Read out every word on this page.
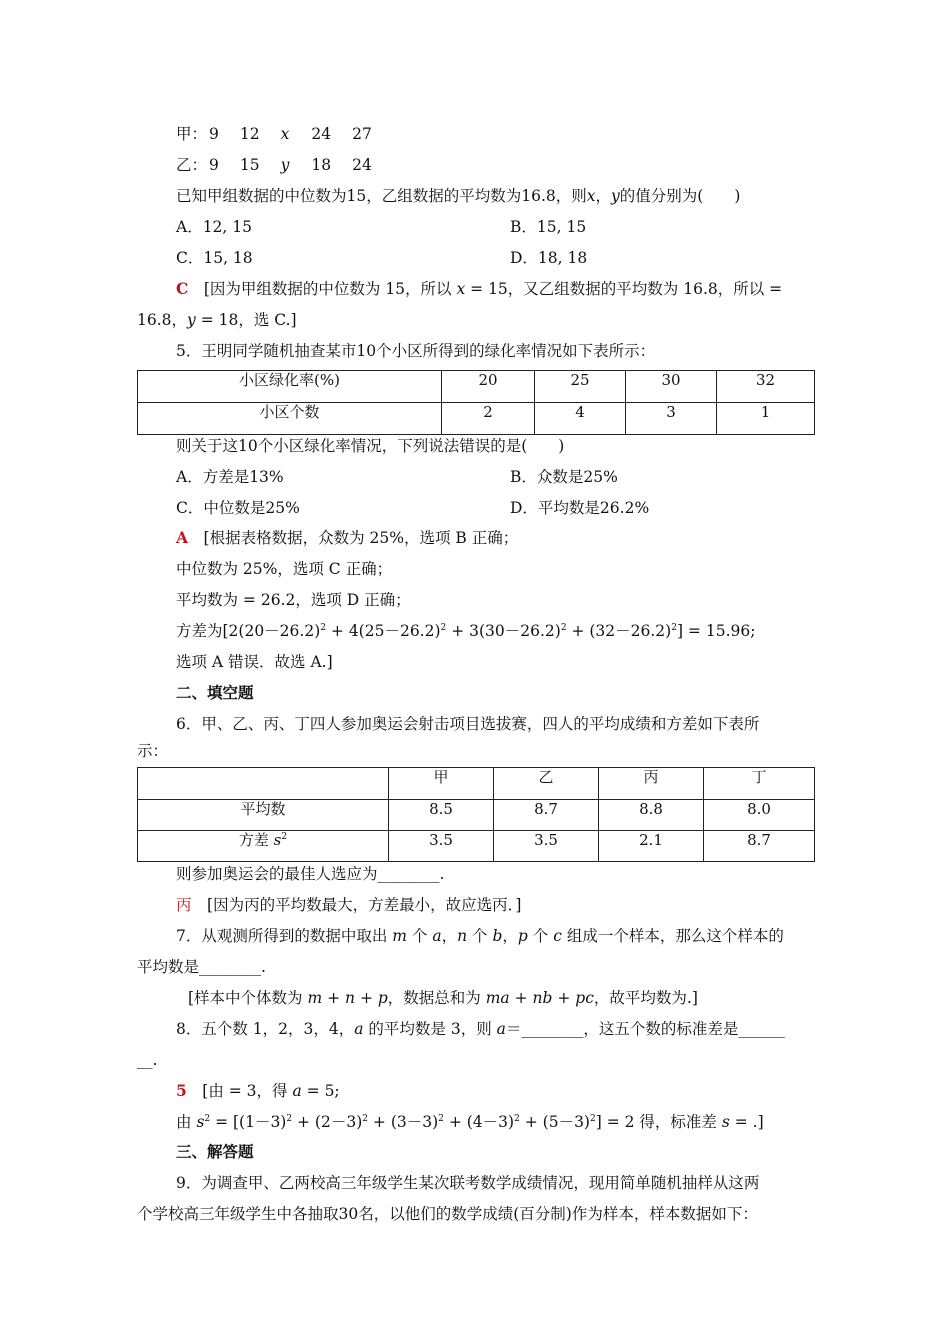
甲： 9 12 x 24 27
乙： 9 15 y 18 24
已知甲组数据的中位数为15，乙组数据的平均数为16.8，则x，y的值分别为(　　)
A．12, 15	B．15, 15
C．15, 18	D．18, 18
C　[因为甲组数据的中位数为 15，所以 x = 15，又乙组数据的平均数为 16.8，所以 =
16.8，y = 18，选 C.]
5．王明同学随机抽查某市10个小区所得到的绿化率情况如下表所示：
小区绿化率(%)	20	25	30	32
小区个数	2	4	3	1
则关于这10个小区绿化率情况，下列说法错误的是(　　)
A．方差是13%	B．众数是25%
C．中位数是25%	D．平均数是26.2%
A　[根据表格数据，众数为 25%，选项 B 正确；
中位数为 25%，选项 C 正确；
平均数为 = 26.2，选项 D 正确；
方差为$[2(20-26.2)^2 + 4(25-26.2)^2 + 3(30-26.2)^2 + (32-26.2)^2] = 15.96$;
选项 A 错误．故选 A.]
二、填空题
6．甲、乙、丙、丁四人参加奥运会射击项目选拔赛，四人的平均成绩和方差如下表所
示：
	甲	乙	丙	丁
平均数	8.5	8.7	8.8	8.0
方差 $s^2$	3.5	3.5	2.1	8.7
则参加奥运会的最佳人选应为________.
丙　[因为丙的平均数最大，方差最小，故应选丙．]
7．从观测所得到的数据中取出 m 个 a，n 个 b，p 个 c 组成一个样本，那么这个样本的
平均数是________.
[样本中个体数为 m + n + p，数据总和为 ma + nb + pc，故平均数为.]
8．五个数 1，2，3，4，a 的平均数是 3，则 a＝________，这五个数的标准差是______
__.
5　[由 = 3，得 a = 5;
由 $s^2 = [(1-3)^2 + (2-3)^2 + (3-3)^2 + (4-3)^2 + (5-3)^2] = 2$ 得，标准差 s = .]
三、解答题
9．为调查甲、乙两校高三年级学生某次联考数学成绩情况，现用简单随机抽样从这两
个学校高三年级学生中各抽取30名，以他们的数学成绩(百分制)作为样本，样本数据如下：
